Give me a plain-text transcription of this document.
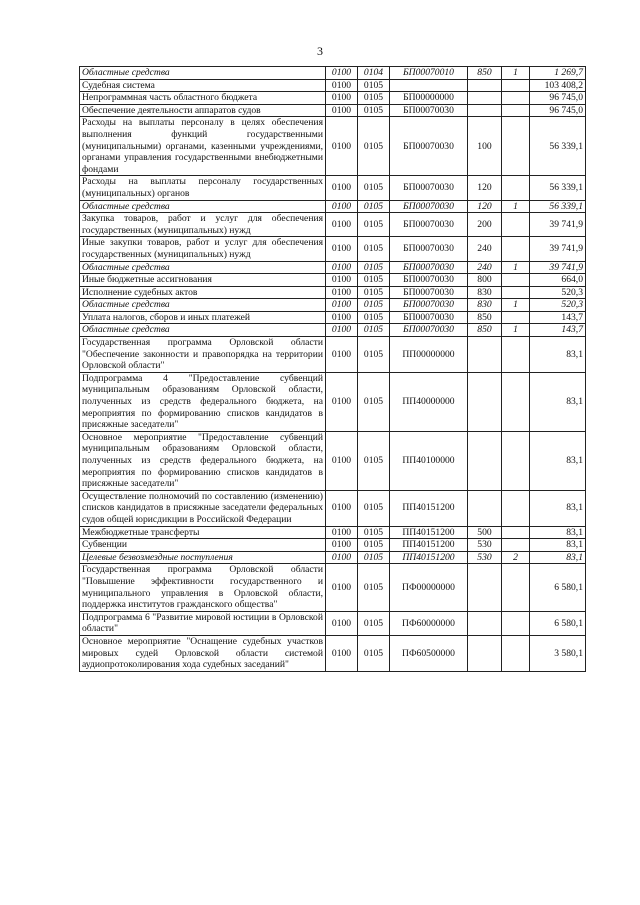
3
Областные средства	0100	0104	БП00070010	850	1	1 269,7
Судебная система	0100	0105				103 408,2
Непрограммная часть областного бюджета	0100	0105	БП00000000			96 745,0
Обеспечение деятельности аппаратов судов	0100	0105	БП00070030			96 745,0
Расходы на выплаты персоналу в целях обеспечения выполнения функций государственными (муниципальными) органами, казенными учреждениями, органами управления государственными внебюджетными фондами	0100	0105	БП00070030	100		56 339,1
Расходы на выплаты персоналу государственных (муниципальных) органов	0100	0105	БП00070030	120		56 339,1
Областные средства	0100	0105	БП00070030	120	1	56 339,1
Закупка товаров, работ и услуг для обеспечения государственных (муниципальных) нужд	0100	0105	БП00070030	200		39 741,9
Иные закупки товаров, работ и услуг для обеспечения государственных (муниципальных) нужд	0100	0105	БП00070030	240		39 741,9
Областные средства	0100	0105	БП00070030	240	1	39 741,9
Иные бюджетные ассигнования	0100	0105	БП00070030	800		664,0
Исполнение судебных актов	0100	0105	БП00070030	830		520,3
Областные средства	0100	0105	БП00070030	830	1	520,3
Уплата налогов, сборов и иных платежей	0100	0105	БП00070030	850		143,7
Областные средства	0100	0105	БП00070030	850	1	143,7
Государственная программа Орловской области "Обеспечение законности и правопорядка на территории Орловской области"	0100	0105	ПП00000000			83,1
Подпрограмма 4 "Предоставление субвенций муниципальным образованиям Орловской области, полученных из средств федерального бюджета, на мероприятия по формированию списков кандидатов в присяжные заседатели"	0100	0105	ПП40000000			83,1
Основное мероприятие "Предоставление субвенций муниципальным образованиям Орловской области, полученных из средств федерального бюджета, на мероприятия по формированию списков кандидатов в присяжные заседатели"	0100	0105	ПП40100000			83,1
Осуществление полномочий по составлению (изменению) списков кандидатов в присяжные заседатели федеральных судов общей юрисдикции в Российской Федерации	0100	0105	ПП40151200			83,1
Межбюджетные трансферты	0100	0105	ПП40151200	500		83,1
Субвенции	0100	0105	ПП40151200	530		83,1
Целевые безвозмездные поступления	0100	0105	ПП40151200	530	2	83,1
Государственная программа Орловской области "Повышение эффективности государственного и муниципального управления в Орловской области, поддержка институтов гражданского общества"	0100	0105	ПФ00000000			6 580,1
Подпрограмма 6 "Развитие мировой юстиции в Орловской области"	0100	0105	ПФ60000000			6 580,1
Основное мероприятие "Оснащение судебных участков мировых судей Орловской области системой аудиопротоколирования хода судебных заседаний"	0100	0105	ПФ60500000			3 580,1
